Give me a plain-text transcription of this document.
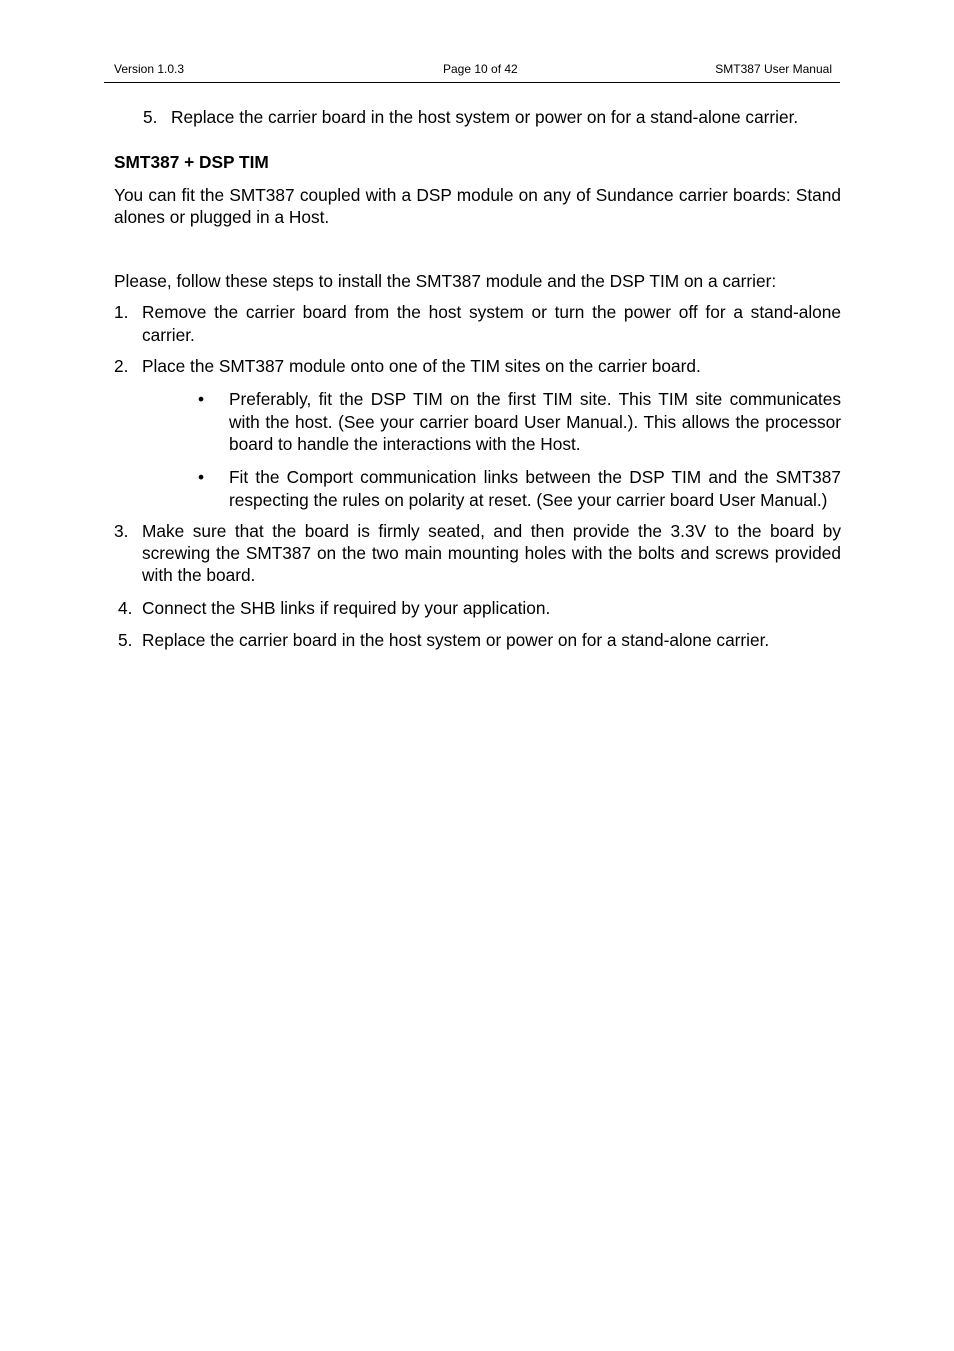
Version 1.0.3	Page 10 of 42	SMT387 User Manual
5. Replace the carrier board in the host system or power on for a stand-alone carrier.

SMT387 + DSP TIM

You can fit the SMT387 coupled with a DSP module on any of Sundance carrier boards: Stand alones or plugged in a Host.

Please, follow these steps to install the SMT387 module and the DSP TIM on a carrier:

1. Remove the carrier board from the host system or turn the power off for a stand-alone carrier.
2. Place the SMT387 module onto one of the TIM sites on the carrier board.
• Preferably, fit the DSP TIM on the first TIM site. This TIM site communicates with the host. (See your carrier board User Manual.). This allows the processor board to handle the interactions with the Host.
• Fit the Comport communication links between the DSP TIM and the SMT387 respecting the rules on polarity at reset. (See your carrier board User Manual.)
3. Make sure that the board is firmly seated, and then provide the 3.3V to the board by screwing the SMT387 on the two main mounting holes with the bolts and screws provided with the board.
4. Connect the SHB links if required by your application.
5. Replace the carrier board in the host system or power on for a stand-alone carrier.
